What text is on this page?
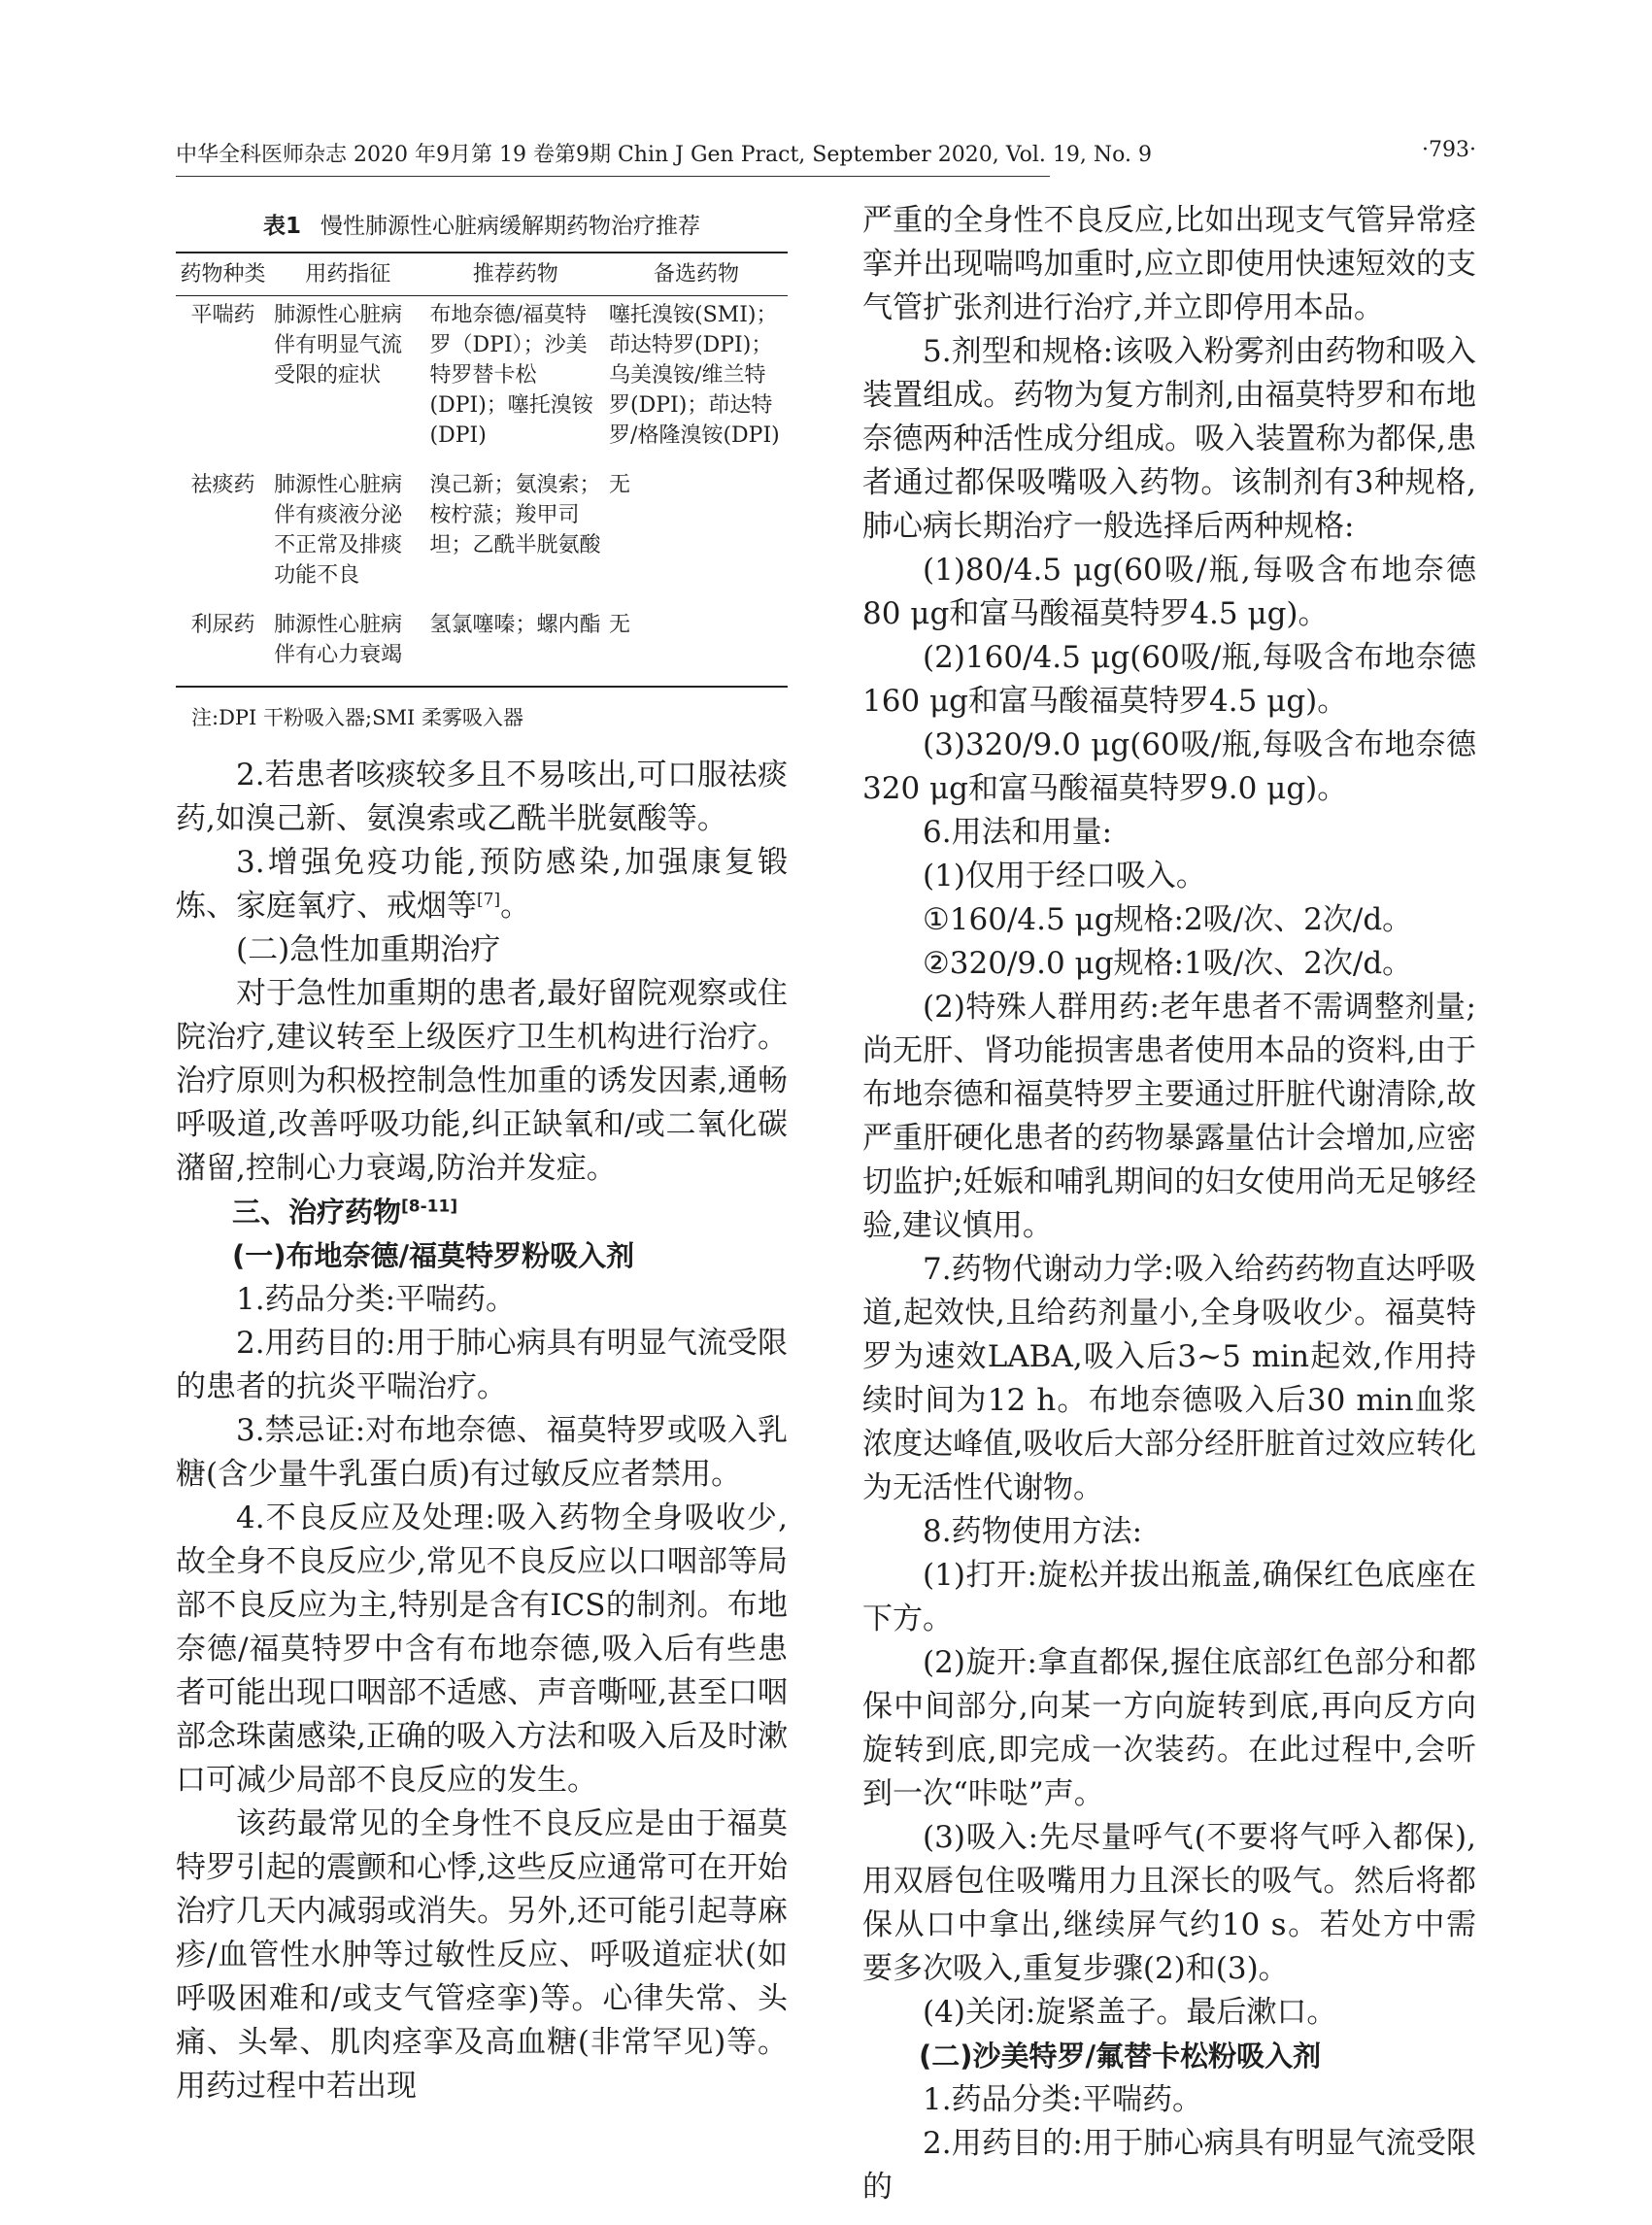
中华全科医师杂志 2020 年9月第 19 卷第9期 Chin J Gen Pract, September 2020, Vol. 19, No. 9	·793·
表1 慢性肺源性心脏病缓解期药物治疗推荐
药物种类	用药指征	推荐药物	备选药物
平喘药	肺源性心脏病伴有明显气流受限的症状	布地奈德/福莫特罗（DPI）；沙美特罗替卡松(DPI)；噻托溴铵(DPI)	噻托溴铵(SMI)；茚达特罗(DPI)；乌美溴铵/维兰特罗(DPI)；茚达特罗/格隆溴铵(DPI)
祛痰药	肺源性心脏病伴有痰液分泌不正常及排痰功能不良	溴己新；氨溴索；桉柠蒎；羧甲司坦；乙酰半胱氨酸	无
利尿药	肺源性心脏病伴有心力衰竭	氢氯噻嗪；螺内酯	无
注:DPI 干粉吸入器;SMI 柔雾吸入器

2.若患者咳痰较多且不易咳出,可口服祛痰药,如溴己新、氨溴索或乙酰半胱氨酸等。

3.增强免疫功能,预防感染,加强康复锻炼、家庭氧疗、戒烟等[7]。

(二)急性加重期治疗

对于急性加重期的患者,最好留院观察或住院治疗,建议转至上级医疗卫生机构进行治疗。治疗原则为积极控制急性加重的诱发因素,通畅呼吸道,改善呼吸功能,纠正缺氧和/或二氧化碳潴留,控制心力衰竭,防治并发症。

三、治疗药物[8-11]

(一)布地奈德/福莫特罗粉吸入剂

1.药品分类:平喘药。

2.用药目的:用于肺心病具有明显气流受限的患者的抗炎平喘治疗。

3.禁忌证:对布地奈德、福莫特罗或吸入乳糖(含少量牛乳蛋白质)有过敏反应者禁用。

4.不良反应及处理:吸入药物全身吸收少,故全身不良反应少,常见不良反应以口咽部等局部不良反应为主,特别是含有ICS的制剂。布地奈德/福莫特罗中含有布地奈德,吸入后有些患者可能出现口咽部不适感、声音嘶哑,甚至口咽部念珠菌感染,正确的吸入方法和吸入后及时漱口可减少局部不良反应的发生。

该药最常见的全身性不良反应是由于福莫特罗引起的震颤和心悸,这些反应通常可在开始治疗几天内减弱或消失。另外,还可能引起荨麻疹/血管性水肿等过敏性反应、呼吸道症状(如呼吸困难和/或支气管痉挛)等。心律失常、头痛、头晕、肌肉痉挛及高血糖(非常罕见)等。用药过程中若出现

严重的全身性不良反应,比如出现支气管异常痉挛并出现喘鸣加重时,应立即使用快速短效的支气管扩张剂进行治疗,并立即停用本品。

5.剂型和规格:该吸入粉雾剂由药物和吸入装置组成。药物为复方制剂,由福莫特罗和布地奈德两种活性成分组成。吸入装置称为都保,患者通过都保吸嘴吸入药物。该制剂有3种规格,肺心病长期治疗一般选择后两种规格:

(1)80/4.5 μg(60吸/瓶,每吸含布地奈德80 μg和富马酸福莫特罗4.5 μg)。

(2)160/4.5 μg(60吸/瓶,每吸含布地奈德160 μg和富马酸福莫特罗4.5 μg)。

(3)320/9.0 μg(60吸/瓶,每吸含布地奈德320 μg和富马酸福莫特罗9.0 μg)。

6.用法和用量:

(1)仅用于经口吸入。

①160/4.5 μg规格:2吸/次、2次/d。

②320/9.0 μg规格:1吸/次、2次/d。

(2)特殊人群用药:老年患者不需调整剂量;尚无肝、肾功能损害患者使用本品的资料,由于布地奈德和福莫特罗主要通过肝脏代谢清除,故严重肝硬化患者的药物暴露量估计会增加,应密切监护;妊娠和哺乳期间的妇女使用尚无足够经验,建议慎用。

7.药物代谢动力学:吸入给药药物直达呼吸道,起效快,且给药剂量小,全身吸收少。福莫特罗为速效LABA,吸入后3~5 min起效,作用持续时间为12 h。布地奈德吸入后30 min血浆浓度达峰值,吸收后大部分经肝脏首过效应转化为无活性代谢物。

8.药物使用方法:

(1)打开:旋松并拔出瓶盖,确保红色底座在下方。

(2)旋开:拿直都保,握住底部红色部分和都保中间部分,向某一方向旋转到底,再向反方向旋转到底,即完成一次装药。在此过程中,会听到一次“咔哒”声。

(3)吸入:先尽量呼气(不要将气呼入都保),用双唇包住吸嘴用力且深长的吸气。然后将都保从口中拿出,继续屏气约10 s。若处方中需要多次吸入,重复步骤(2)和(3)。

(4)关闭:旋紧盖子。最后漱口。

(二)沙美特罗/氟替卡松粉吸入剂

1.药品分类:平喘药。

2.用药目的:用于肺心病具有明显气流受限的
